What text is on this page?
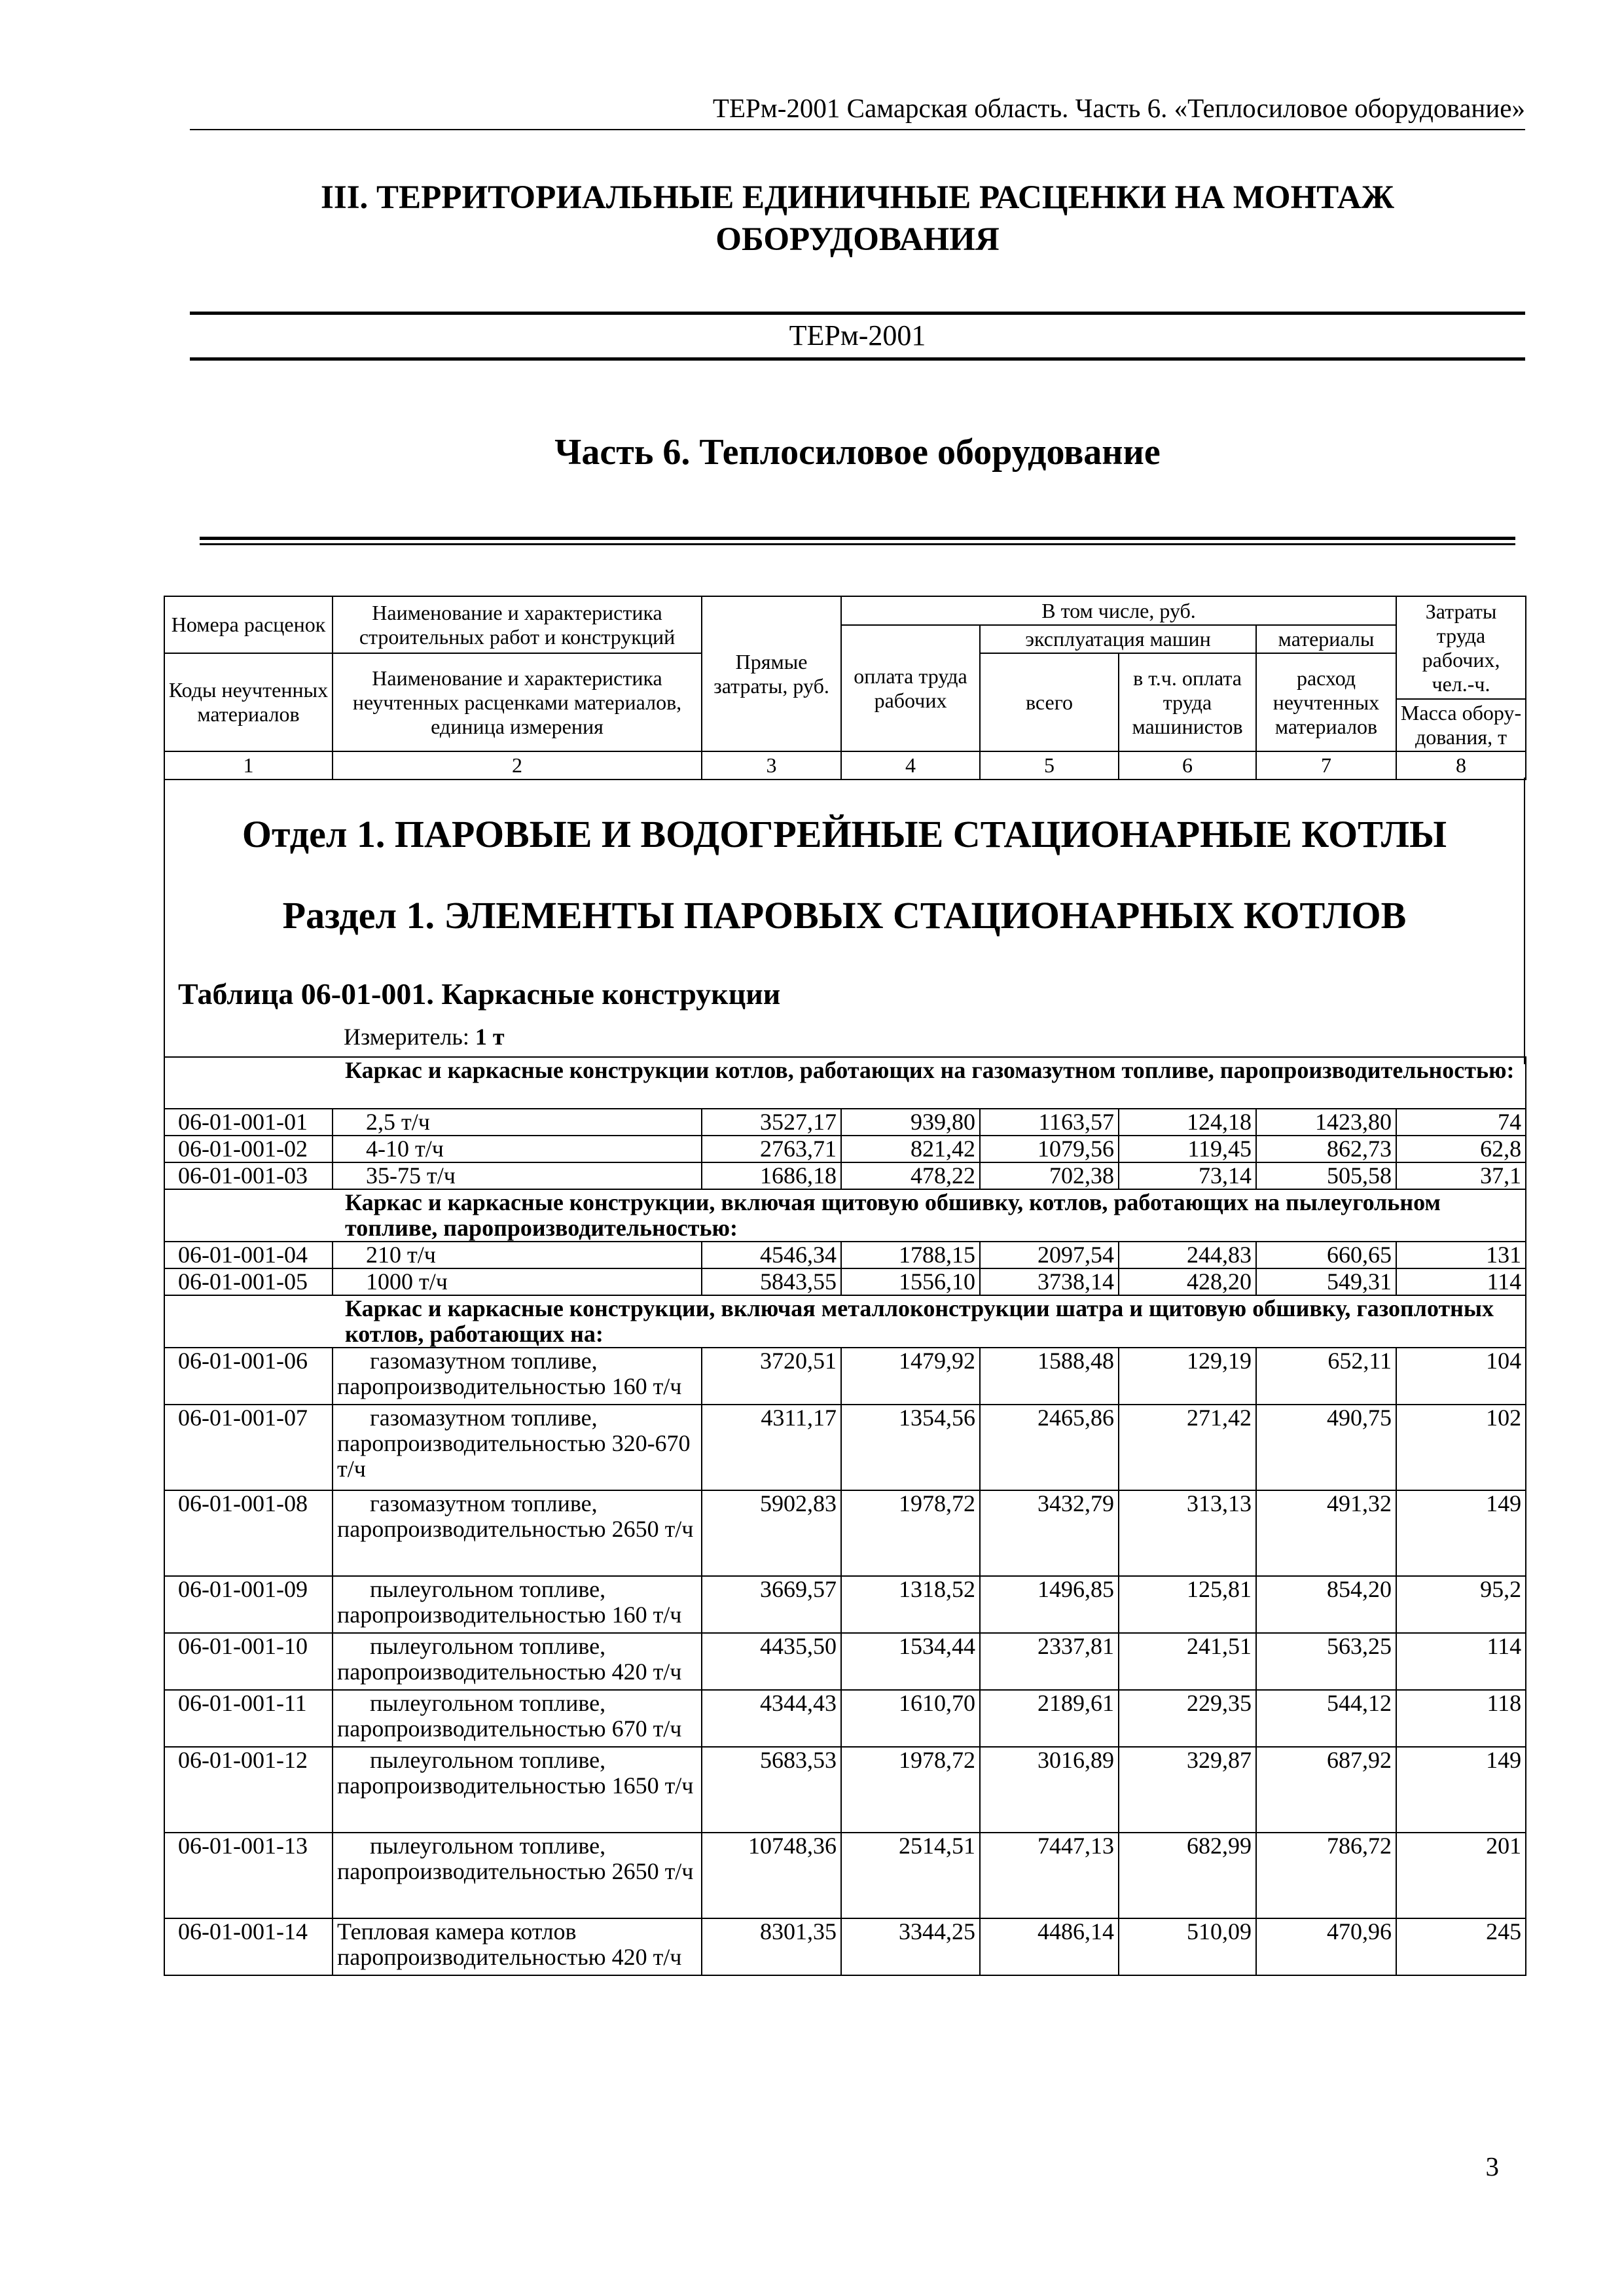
ТЕРм-2001 Самарская область. Часть 6. «Теплосиловое оборудование»
III. ТЕРРИТОРИАЛЬНЫЕ ЕДИНИЧНЫЕ РАСЦЕНКИ НА МОНТАЖ
ОБОРУДОВАНИЯ
ТЕРм-2001
Часть 6. Теплосиловое оборудование
Номера расценок	Наименование и характеристика строительных работ и конструкций	Прямые затраты, руб.	В том числе, руб.				Затраты труда рабочих, чел.-ч.
			оплата труда рабочих	эксплуатация машин		материалы	
Коды неучтенных материалов	Наименование и характеристика неучтенных расценками материалов, единица измерения			всего	в т.ч. оплата труда машинистов	расход неучтенных материалов	
							Масса обору-дования, т
1	2	3	4	5	6	7	8
Отдел 1. ПАРОВЫЕ И ВОДОГРЕЙНЫЕ СТАЦИОНАРНЫЕ КОТЛЫ
Раздел 1. ЭЛЕМЕНТЫ ПАРОВЫХ СТАЦИОНАРНЫХ КОТЛОВ
Таблица 06-01-001. Каркасные конструкции
Измеритель: 1 т
Каркас и каркасные конструкции котлов, работающих на газомазутном топливе, паропроизводительностью:							
06-01-001-01	2,5 т/ч	3527,17	939,80	1163,57	124,18	1423,80	74
06-01-001-02	4-10 т/ч	2763,71	821,42	1079,56	119,45	862,73	62,8
06-01-001-03	35-75 т/ч	1686,18	478,22	702,38	73,14	505,58	37,1
Каркас и каркасные конструкции, включая щитовую обшивку, котлов, работающих на пылеугольном топливе, паропроизводительностью:							
06-01-001-04	210 т/ч	4546,34	1788,15	2097,54	244,83	660,65	131
06-01-001-05	1000 т/ч	5843,55	1556,10	3738,14	428,20	549,31	114
Каркас и каркасные конструкции, включая металлоконструкции шатра и щитовую обшивку, газоплотных котлов, работающих на:							
06-01-001-06	газомазутном топливе, паропроизводительностью 160 т/ч	3720,51	1479,92	1588,48	129,19	652,11	104
06-01-001-07	газомазутном топливе, паропроизводительностью 320-670 т/ч	4311,17	1354,56	2465,86	271,42	490,75	102
06-01-001-08	газомазутном топливе, паропроизводительностью 2650 т/ч	5902,83	1978,72	3432,79	313,13	491,32	149
06-01-001-09	пылеугольном топливе, паропроизводительностью 160 т/ч	3669,57	1318,52	1496,85	125,81	854,20	95,2
06-01-001-10	пылеугольном топливе, паропроизводительностью 420 т/ч	4435,50	1534,44	2337,81	241,51	563,25	114
06-01-001-11	пылеугольном топливе, паропроизводительностью 670 т/ч	4344,43	1610,70	2189,61	229,35	544,12	118
06-01-001-12	пылеугольном топливе, паропроизводительностью 1650 т/ч	5683,53	1978,72	3016,89	329,87	687,92	149
06-01-001-13	пылеугольном топливе, паропроизводительностью 2650 т/ч	10748,36	2514,51	7447,13	682,99	786,72	201
06-01-001-14	Тепловая камера котлов паропроизводительностью 420 т/ч	8301,35	3344,25	4486,14	510,09	470,96	245
3
